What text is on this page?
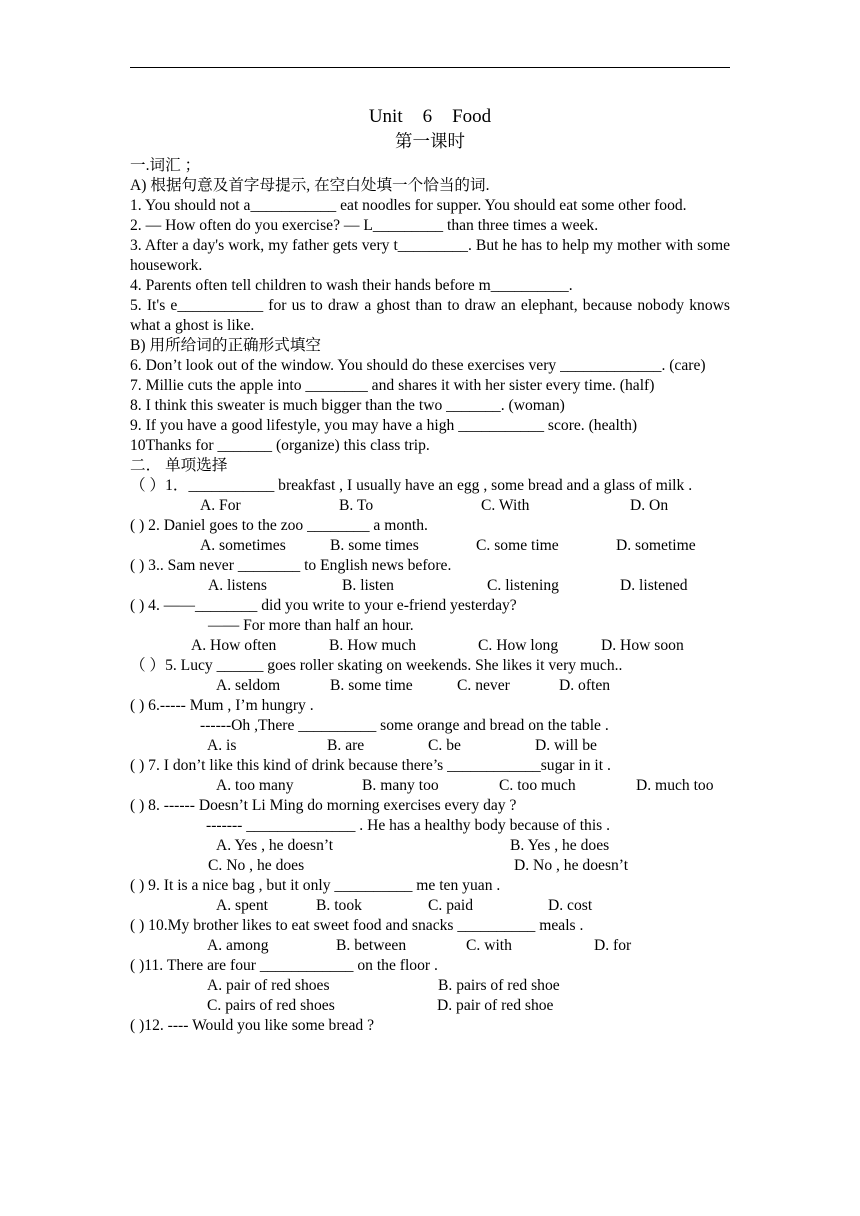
Unit 6 Food

第一课时

一.词汇 ；

A) 根据句意及首字母提示, 在空白处填一个恰当的词.

1. You should not a___________ eat noodles for supper. You should eat some other food.

2. — How often do you exercise? — L_________ than three times a week.

3. After a day's work, my father gets very t_________. But he has to help my mother with some housework.

4. Parents often tell children to wash their hands before m__________.

5. It's e___________ for us to draw a ghost than to draw an elephant, because nobody knows what a ghost is like.

B) 用所给词的正确形式填空

6. Don’t look out of the window. You should do these exercises very _____________. (care)

7. Millie cuts the apple into ________ and shares it with her sister every time. (half)

8. I think this sweater is much bigger than the two _______. (woman)

9. If you have a good lifestyle, you may have a high ___________ score. (health)

10Thanks for _______ (organize) this class trip.

二． 单项选择

（ ）1．___________ breakfast , I usually have an egg , some bread and a glass of milk .

A. For	B. To	C. With	D. On

( ) 2. Daniel goes to the zoo ________ a month.

A. sometimes	B. some times	C. some time	D. sometime

( ) 3.. Sam never ________ to English news before.

A. listens	B. listen	C. listening	D. listened

( ) 4. ——________ did you write to your e-friend yesterday?

—— For more than half an hour.

A. How often	B. How much	C. How long	D. How soon

（ ）5. Lucy ______ goes roller skating on weekends. She likes it very much..

A. seldom	B. some time	C. never	D. often

( ) 6.----- Mum , I’m hungry .

------Oh ,There __________ some orange and bread on the table .

A. is	B. are	C. be	D. will be

( ) 7. I don’t like this kind of drink because there’s ____________sugar in it .

A. too many	B. many too	C. too much	D. much too

( ) 8. ------ Doesn’t Li Ming do morning exercises every day ?

------- ______________ . He has a healthy body because of this .

A. Yes , he doesn’t	B. Yes , he does
C. No , he does	D. No , he doesn’t

( ) 9. It is a nice bag , but it only __________ me ten yuan .

A. spent	B. took	C. paid	D. cost

( ) 10.My brother likes to eat sweet food and snacks __________ meals .

A. among	B. between	C. with	D. for

( )11. There are four ____________ on the floor .

A. pair of red shoes	B. pairs of red shoe
C. pairs of red shoes	D. pair of red shoe

( )12. ---- Would you like some bread ?
